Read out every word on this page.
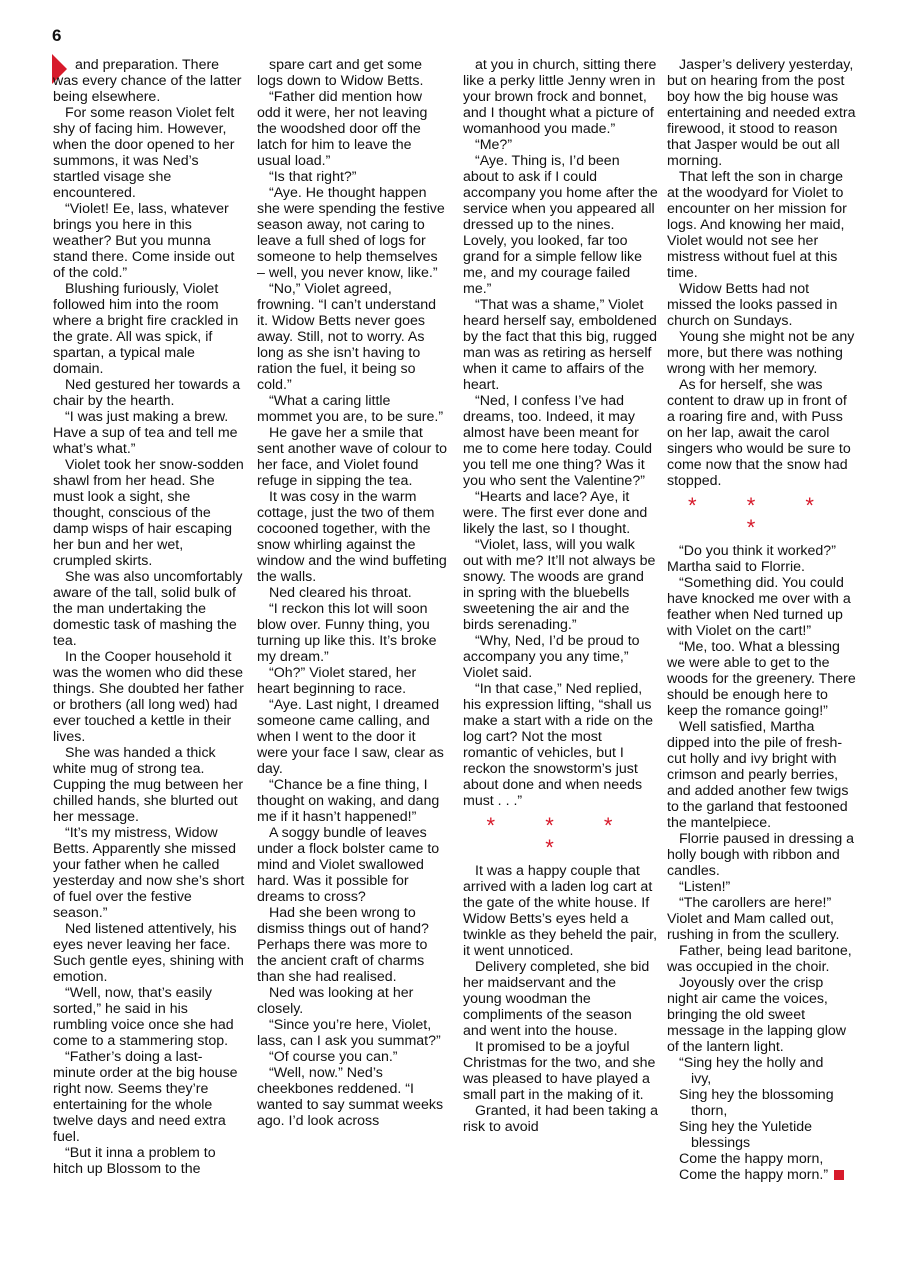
6

and preparation. There was every chance of the latter being elsewhere.

For some reason Violet felt shy of facing him. However, when the door opened to her summons, it was Ned’s startled visage she encountered.

“Violet! Ee, lass, whatever brings you here in this weather? But you munna stand there. Come inside out of the cold.”

Blushing furiously, Violet followed him into the room where a bright fire crackled in the grate. All was spick, if spartan, a typical male domain.

Ned gestured her towards a chair by the hearth.

“I was just making a brew. Have a sup of tea and tell me what’s what.”

Violet took her snow-sodden shawl from her head. She must look a sight, she thought, conscious of the damp wisps of hair escaping her bun and her wet, crumpled skirts.

She was also uncomfortably aware of the tall, solid bulk of the man undertaking the domestic task of mashing the tea.

In the Cooper household it was the women who did these things. She doubted her father or brothers (all long wed) had ever touched a kettle in their lives.

She was handed a thick white mug of strong tea. Cupping the mug between her chilled hands, she blurted out her message.

“It’s my mistress, Widow Betts. Apparently she missed your father when he called yesterday and now she’s short of fuel over the festive season.”

Ned listened attentively, his eyes never leaving her face. Such gentle eyes, shining with emotion.

“Well, now, that’s easily sorted,” he said in his rumbling voice once she had come to a stammering stop.

“Father’s doing a last-minute order at the big house right now. Seems they’re entertaining for the whole twelve days and need extra fuel.

“But it inna a problem to hitch up Blossom to the

spare cart and get some logs down to Widow Betts.

“Father did mention how odd it were, her not leaving the woodshed door off the latch for him to leave the usual load.”

“Is that right?”

“Aye. He thought happen she were spending the festive season away, not caring to leave a full shed of logs for someone to help themselves – well, you never know, like.”

“No,” Violet agreed, frowning. “I can’t understand it. Widow Betts never goes away. Still, not to worry. As long as she isn’t having to ration the fuel, it being so cold.”

“What a caring little mommet you are, to be sure.”

He gave her a smile that sent another wave of colour to her face, and Violet found refuge in sipping the tea.

It was cosy in the warm cottage, just the two of them cocooned together, with the snow whirling against the window and the wind buffeting the walls.

Ned cleared his throat.

“I reckon this lot will soon blow over. Funny thing, you turning up like this. It’s broke my dream.”

“Oh?” Violet stared, her heart beginning to race.

“Aye. Last night, I dreamed someone came calling, and when I went to the door it were your face I saw, clear as day.

“Chance be a fine thing, I thought on waking, and dang me if it hasn’t happened!”

A soggy bundle of leaves under a flock bolster came to mind and Violet swallowed hard. Was it possible for dreams to cross?

Had she been wrong to dismiss things out of hand? Perhaps there was more to the ancient craft of charms than she had realised.

Ned was looking at her closely.

“Since you’re here, Violet, lass, can I ask you summat?”

“Of course you can.”

“Well, now.” Ned’s cheekbones reddened. “I wanted to say summat weeks ago. I’d look across

at you in church, sitting there like a perky little Jenny wren in your brown frock and bonnet, and I thought what a picture of womanhood you made.”

“Me?”

“Aye. Thing is, I’d been about to ask if I could accompany you home after the service when you appeared all dressed up to the nines. Lovely, you looked, far too grand for a simple fellow like me, and my courage failed me.”

“That was a shame,” Violet heard herself say, emboldened by the fact that this big, rugged man was as retiring as herself when it came to affairs of the heart.

“Ned, I confess I’ve had dreams, too. Indeed, it may almost have been meant for me to come here today. Could you tell me one thing? Was it you who sent the Valentine?”

“Hearts and lace? Aye, it were. The first ever done and likely the last, so I thought.

“Violet, lass, will you walk out with me? It’ll not always be snowy. The woods are grand in spring with the bluebells sweetening the air and the birds serenading.”

“Why, Ned, I’d be proud to accompany you any time,” Violet said.

“In that case,” Ned replied, his expression lifting, “shall us make a start with a ride on the log cart? Not the most romantic of vehicles, but I reckon the snowstorm’s just about done and when needs must . . .”

* * * *

It was a happy couple that arrived with a laden log cart at the gate of the white house. If Widow Betts’s eyes held a twinkle as they beheld the pair, it went unnoticed.

Delivery completed, she bid her maidservant and the young woodman the compliments of the season and went into the house.

It promised to be a joyful Christmas for the two, and she was pleased to have played a small part in the making of it.

Granted, it had been taking a risk to avoid

Jasper’s delivery yesterday, but on hearing from the post boy how the big house was entertaining and needed extra firewood, it stood to reason that Jasper would be out all morning.

That left the son in charge at the woodyard for Violet to encounter on her mission for logs. And knowing her maid, Violet would not see her mistress without fuel at this time.

Widow Betts had not missed the looks passed in church on Sundays.

Young she might not be any more, but there was nothing wrong with her memory.

As for herself, she was content to draw up in front of a roaring fire and, with Puss on her lap, await the carol singers who would be sure to come now that the snow had stopped.

* * * *

“Do you think it worked?” Martha said to Florrie.

“Something did. You could have knocked me over with a feather when Ned turned up with Violet on the cart!”

“Me, too. What a blessing we were able to get to the woods for the greenery. There should be enough here to keep the romance going!”

Well satisfied, Martha dipped into the pile of fresh-cut holly and ivy bright with crimson and pearly berries, and added another few twigs to the garland that festooned the mantelpiece.

Florrie paused in dressing a holly bough with ribbon and candles.

“Listen!”

“The carollers are here!” Violet and Mam called out, rushing in from the scullery.

Father, being lead baritone, was occupied in the choir.

Joyously over the crisp night air came the voices, bringing the old sweet message in the lapping glow of the lantern light.

“Sing hey the holly and

ivy,

Sing hey the blossoming

thorn,

Sing hey the Yuletide

blessings

Come the happy morn,

Come the happy morn.”
